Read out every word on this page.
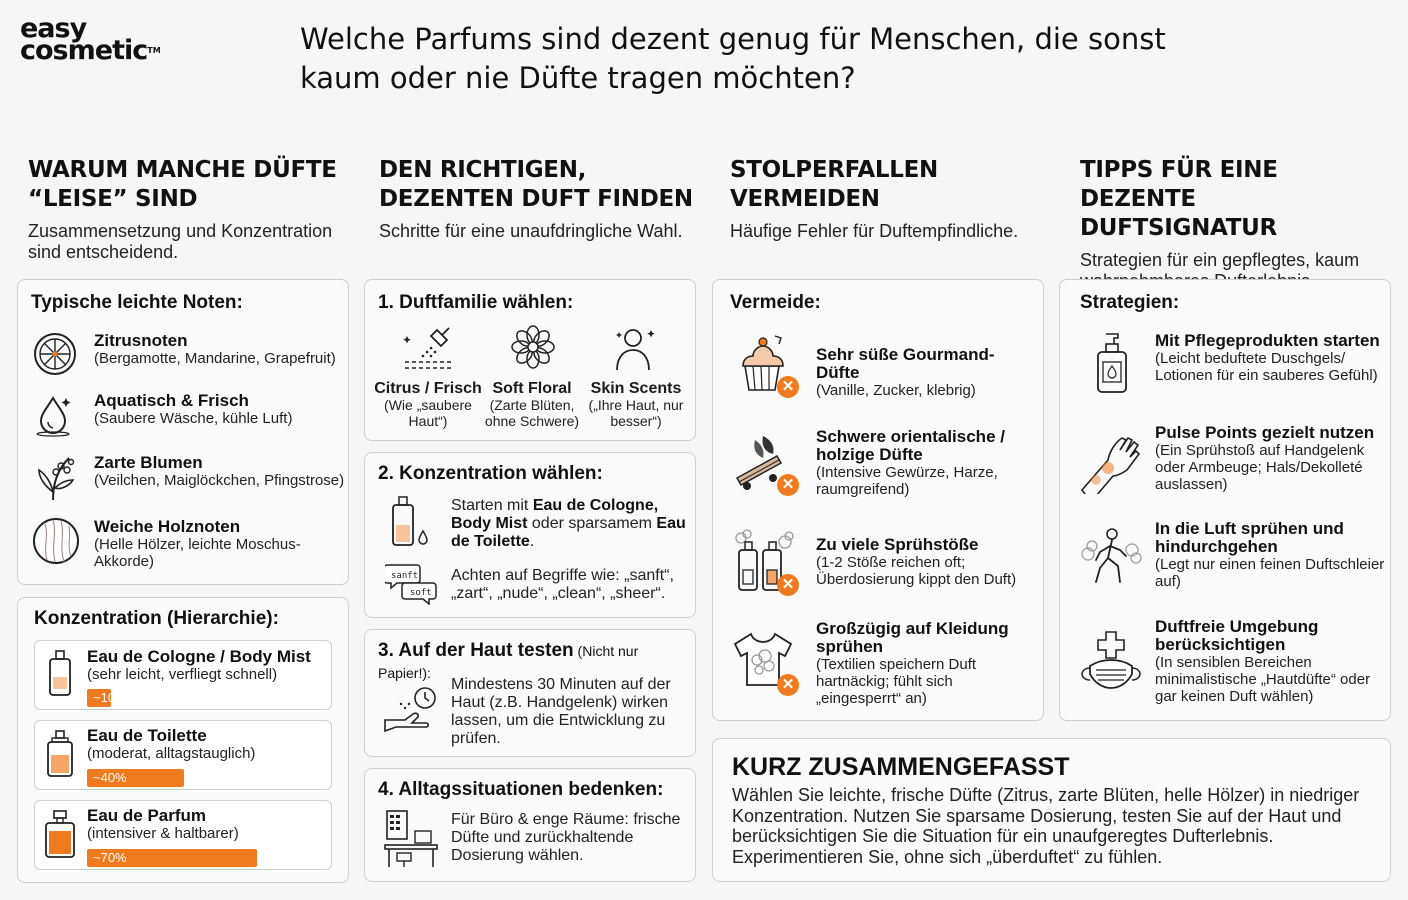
easy
cosmetic™	Welche Parfums sind dezent genug für Menschen, die sonst kaum oder nie Düfte tragen möchten?
WARUM MANCHE DÜFTE “LEISE” SIND

Zusammensetzung und Konzentration sind entscheidend.

DEN RICHTIGEN, DEZENTEN DUFT FINDEN

Schritte für eine unaufdringliche Wahl.

STOLPERFALLEN VERMEIDEN

Häufige Fehler für Duftempfindliche.

TIPPS FÜR EINE DEZENTE DUFTSIGNATUR

Strategien für ein gepflegtes, kaum

Typische leichte Noten:
Zitrusnoten
(Bergamotte, Mandarine, Grapefruit)
Aquatisch & Frisch
(Saubere Wäsche, kühle Luft)
Zarte Blumen
(Veilchen, Maiglöckchen, Pfingstrose)
Weiche Holznoten
(Helle Hölzer, leichte Moschus-Akkorde)
Konzentration (Hierarchie):
Eau de Cologne / Body Mist
(sehr leicht, verfliegt schnell)
~10%
Eau de Toilette
(moderat, alltagstauglich)
~40%
Eau de Parfum
(intensiver & haltbarer)
~70%
1. Duftfamilie wählen:
Citrus / Frisch
(Wie „saubere Haut“)
Soft Floral
(Zarte Blüten, ohne Schwere)
Skin Scents
(„Ihre Haut, nur besser“)
2. Konzentration wählen:
Starten mit Eau de Cologne, Body Mist oder sparsamem Eau de Toilette.
sanft
soft
Achten auf Begriffe wie: „sanft“, „zart“, „nude“, „clean“, „sheer“.
3. Auf der Haut testen (Nicht nur Papier!):
Mindestens 30 Minuten auf der Haut (z.B. Handgelenk) wirken lassen, um die Entwicklung zu prüfen.
4. Alltagssituationen bedenken:
Für Büro & enge Räume: frische Düfte und zurückhaltende Dosierung wählen.
Vermeide:
✕
Sehr süße Gourmand-Düfte
(Vanille, Zucker, klebrig)
✕
Schwere orientalische / holzige Düfte
(Intensive Gewürze, Harze, raumgreifend)
✕
Zu viele Sprühstöße
(1-2 Stöße reichen oft; Überdosierung kippt den Duft)
✕
Großzügig auf Kleidung sprühen
(Textilien speichern Duft hartnäckig; fühlt sich „eingesperrt“ an)
Strategien:
Mit Pflegeprodukten starten
(Leicht beduftete Duschgels/ Lotionen für ein sauberes Gefühl)
Pulse Points gezielt nutzen
(Ein Sprühstoß auf Handgelenk oder Armbeuge; Hals/Dekolleté auslassen)
In die Luft sprühen und hindurchgehen
(Legt nur einen feinen Duftschleier auf)
Duftfreie Umgebung berücksichtigen
(In sensiblen Bereichen minimalistische „Hautdüfte“ oder gar keinen Duft wählen)
KURZ ZUSAMMENGEFASST
Wählen Sie leichte, frische Düfte (Zitrus, zarte Blüten, helle Hölzer) in niedriger Konzentration. Nutzen Sie sparsame Dosierung, testen Sie auf der Haut und berücksichtigen Sie die Situation für ein unaufgeregtes Dufterlebnis. Experimentieren Sie, ohne sich „überduftet“ zu fühlen.
